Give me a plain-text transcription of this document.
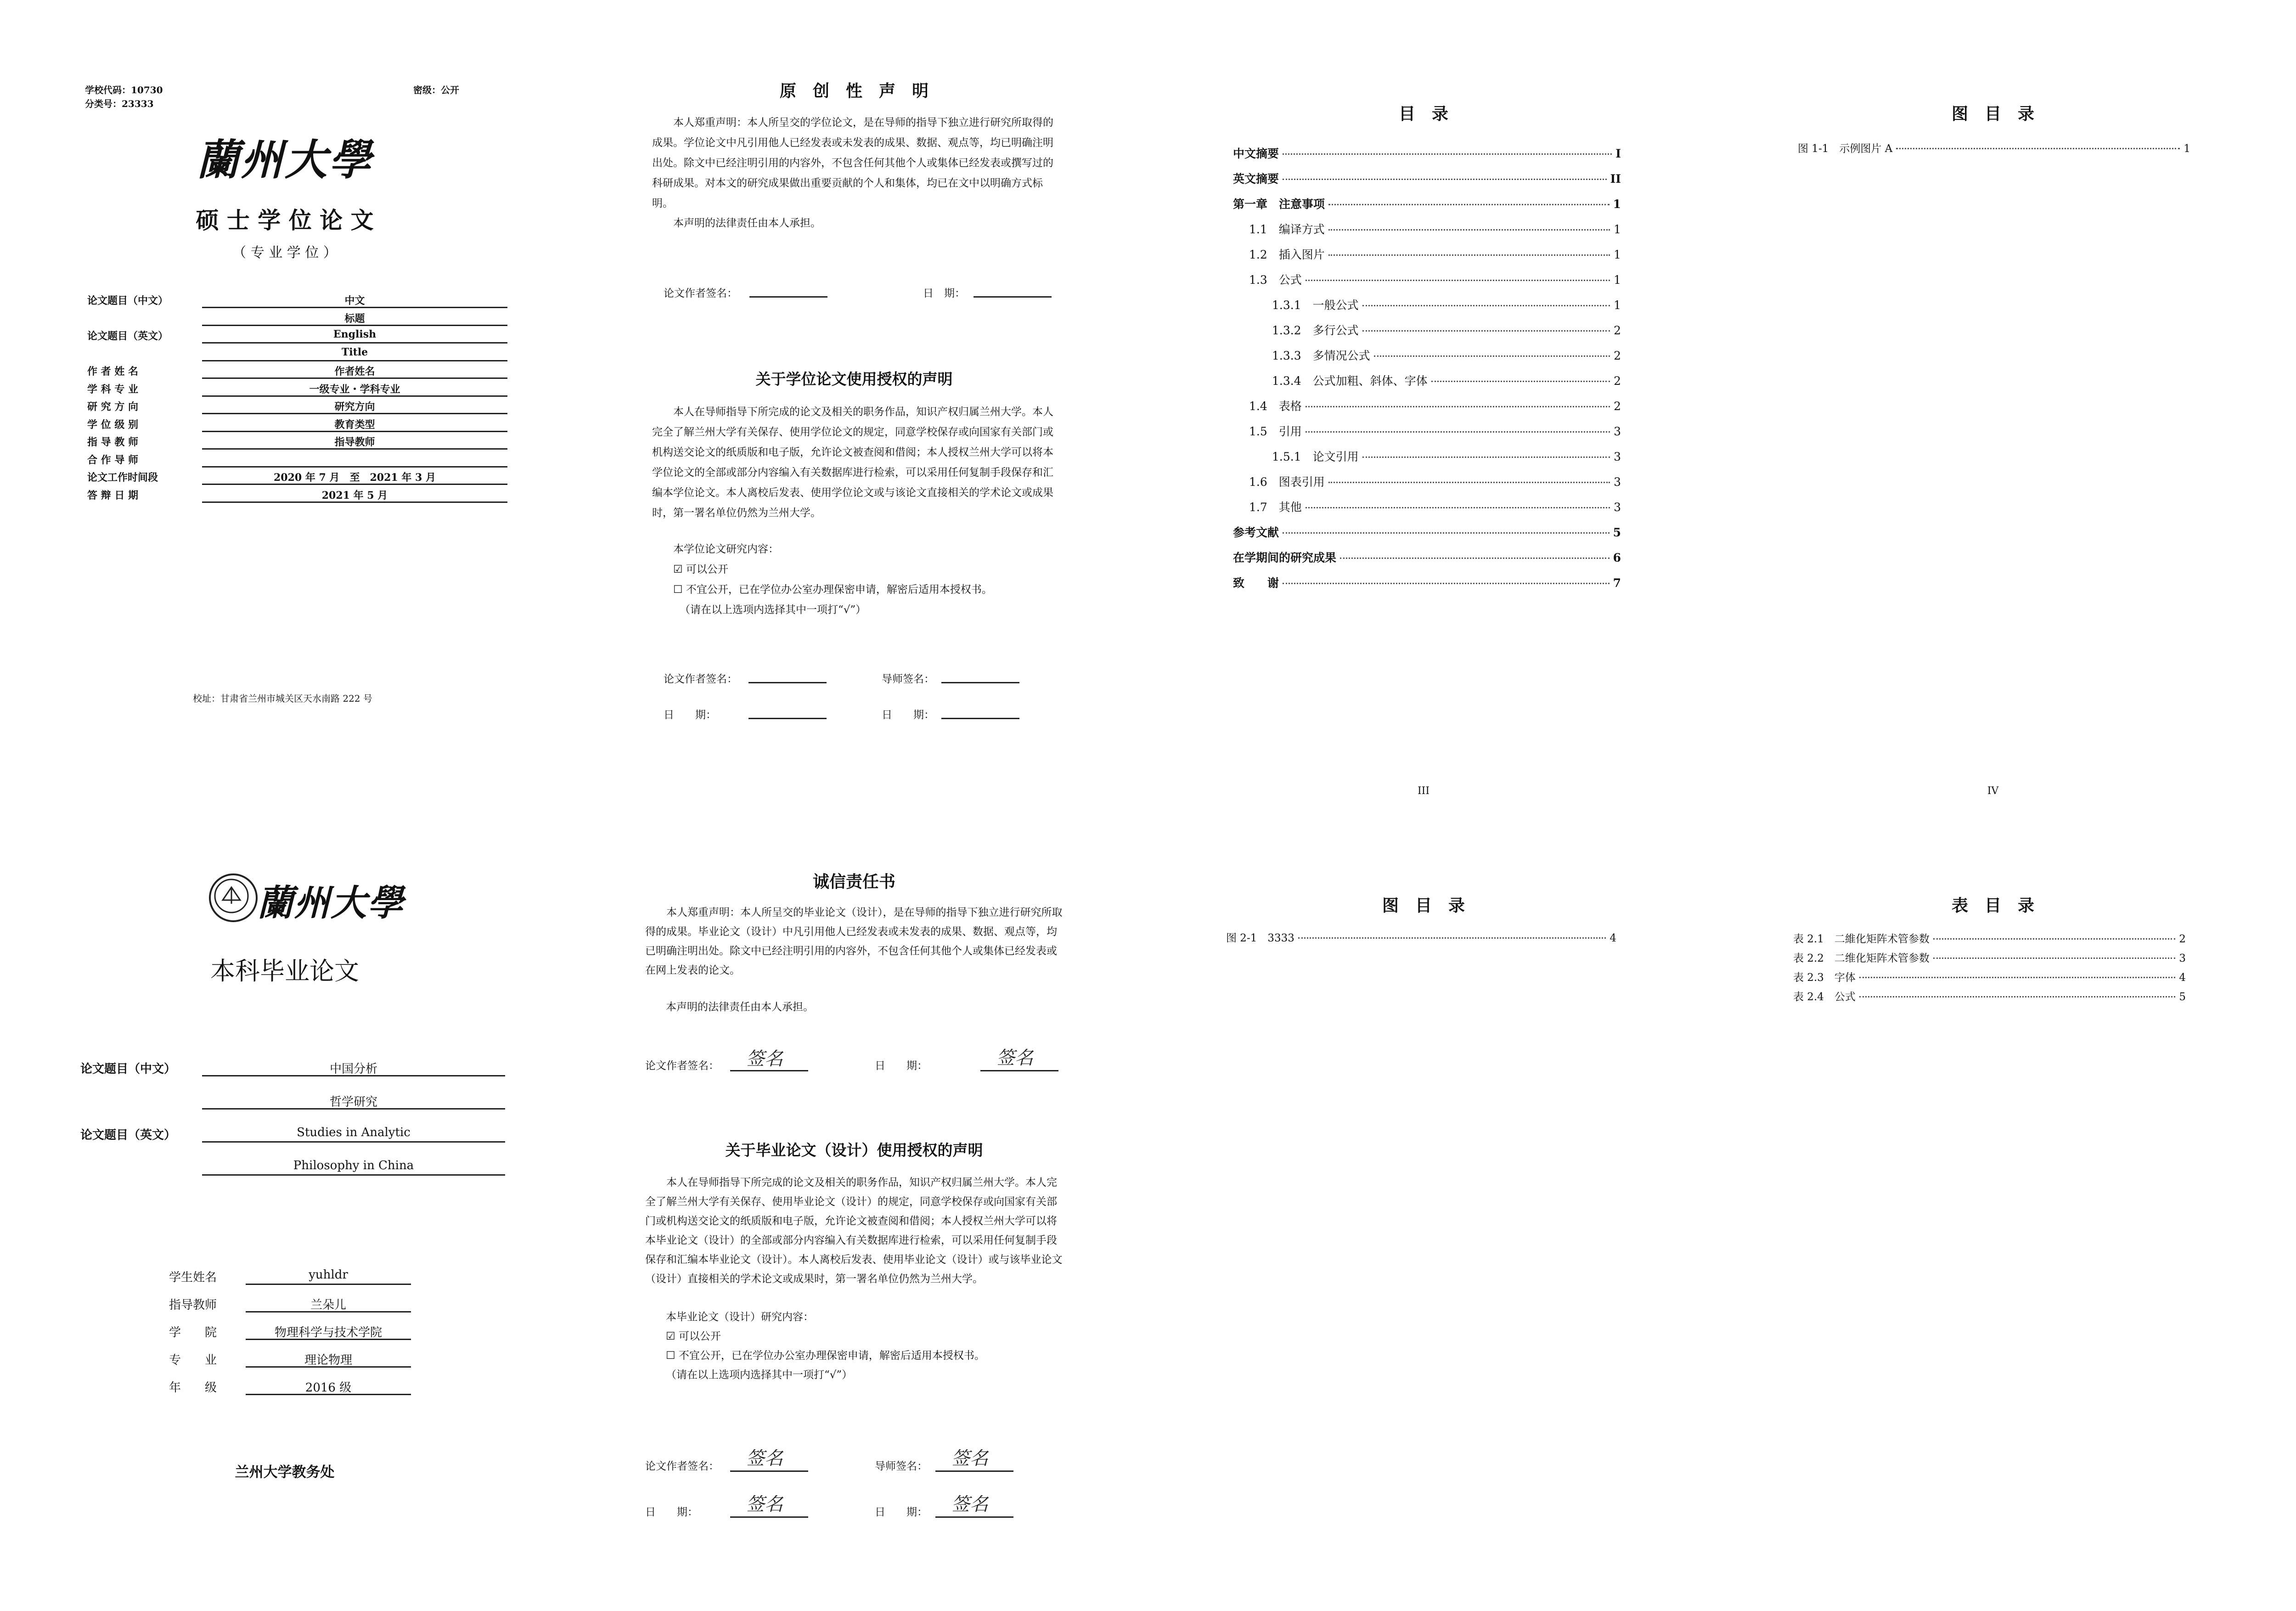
学校代码：10730
分类号：23333
密级：公开
蘭州大學
硕 士 学 位 论 文
（ 专 业 学 位 ）
论文题目（中文）	中文
标题
论文题目（英文）	English
Title
作 者 姓 名	作者姓名
学 科 专 业	一级专业・学科专业
研 究 方 向	研究方向
学 位 级 别	教育类型
指 导 教 师	指导教师
合 作 导 师
论文工作时间段	2020 年 7 月　至　2021 年 3 月
答 辩 日 期	2021 年 5 月
校址：甘肃省兰州市城关区天水南路 222 号
原　创　性　声　明
本人郑重声明：本人所呈交的学位论文，是在导师的指导下独立进行研究所取得的成果。学位论文中凡引用他人已经发表或未发表的成果、数据、观点等，均已明确注明出处。除文中已经注明引用的内容外，不包含任何其他个人或集体已经发表或撰写过的科研成果。对本文的研究成果做出重要贡献的个人和集体，均已在文中以明确方式标明。
本声明的法律责任由本人承担。
论文作者签名：	日　期：
关于学位论文使用授权的声明
本人在导师指导下所完成的论文及相关的职务作品，知识产权归属兰州大学。本人完全了解兰州大学有关保存、使用学位论文的规定，同意学校保存或向国家有关部门或机构送交论文的纸质版和电子版，允许论文被查阅和借阅；本人授权兰州大学可以将本学位论文的全部或部分内容编入有关数据库进行检索，可以采用任何复制手段保存和汇编本学位论文。本人离校后发表、使用学位论文或与该论文直接相关的学术论文或成果时，第一署名单位仍然为兰州大学。
本学位论文研究内容：
☑ 可以公开
☐ 不宜公开，已在学位办公室办理保密申请，解密后适用本授权书。
（请在以上选项内选择其中一项打“√”）
论文作者签名：	导师签名：
日　　期：	日　　期：
目　录
中文摘要	I
英文摘要	II
第一章　注意事项	1
1.1　编译方式	1
1.2　插入图片	1
1.3　公式	1
1.3.1　一般公式	1
1.3.2　多行公式	2
1.3.3　多情况公式	2
1.3.4　公式加粗、斜体、字体	2
1.4　表格	2
1.5　引用	3
1.5.1　论文引用	3
1.6　图表引用	3
1.7　其他	3
参考文献	5
在学期间的研究成果	6
致　　谢	7
III
图　目　录
图 1-1　示例图片 A	1
IV
蘭州大學
本科毕业论文
论文题目（中文）	中国分析
哲学研究
论文题目（英文）	Studies in Analytic
Philosophy in China
学生姓名	yuhldr
指导教师	兰朵儿
学　　院	物理科学与技术学院
专　　业	理论物理
年　　级	2016 级
兰州大学教务处
诚信责任书
本人郑重声明：本人所呈交的毕业论文（设计），是在导师的指导下独立进行研究所取得的成果。毕业论文（设计）中凡引用他人已经发表或未发表的成果、数据、观点等，均已明确注明出处。除文中已经注明引用的内容外，不包含任何其他个人或集体已经发表或在网上发表的论文。
本声明的法律责任由本人承担。
论文作者签名： 签名	日　　期：	签名
关于毕业论文（设计）使用授权的声明
本人在导师指导下所完成的论文及相关的职务作品，知识产权归属兰州大学。本人完全了解兰州大学有关保存、使用毕业论文（设计）的规定，同意学校保存或向国家有关部门或机构送交论文的纸质版和电子版，允许论文被查阅和借阅；本人授权兰州大学可以将本毕业论文（设计）的全部或部分内容编入有关数据库进行检索，可以采用任何复制手段保存和汇编本毕业论文（设计）。本人离校后发表、使用毕业论文（设计）或与该毕业论文（设计）直接相关的学术论文或成果时，第一署名单位仍然为兰州大学。
本毕业论文（设计）研究内容：
☑ 可以公开
☐ 不宜公开，已在学位办公室办理保密申请，解密后适用本授权书。
（请在以上选项内选择其中一项打“√”）
论文作者签名： 签名	导师签名： 签名
日　　期：	签名	日　　期： 签名
图　目　录
图 2-1　3333	4
表　目　录
表 2.1　二維化矩阵术管参数	2
表 2.2　二维化矩阵术管参数	3
表 2.3　字体	4
表 2.4　公式	5
